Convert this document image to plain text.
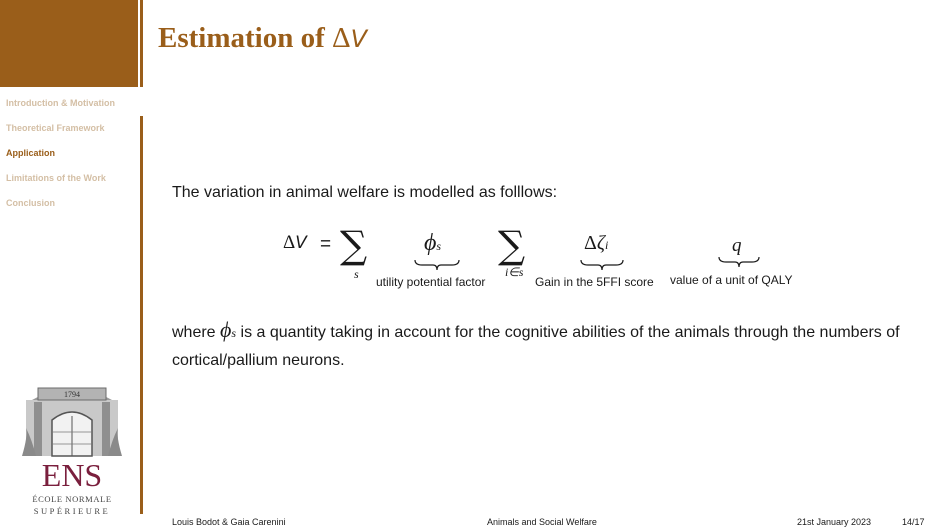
Estimation of ΔV
Introduction & Motivation
Theoretical Framework
Application
Limitations of the Work
Conclusion
The variation in animal welfare is modelled as folllows:
ΔV = ∑
s
ϕs
utility potential factor
∑
i∈s
Δζi
Gain in the 5FFI score
q
value of a unit of QALY
where ϕs is a quantity taking in account for the cognitive abilities of the animals through the numbers of cortical/pallium neurons.
1794
ENS
ÉCOLE NORMALE
SUPÉRIEURE
Louis Bodot & Gaia Carenini	Animals and Social Welfare	21st January 2023	14/17
